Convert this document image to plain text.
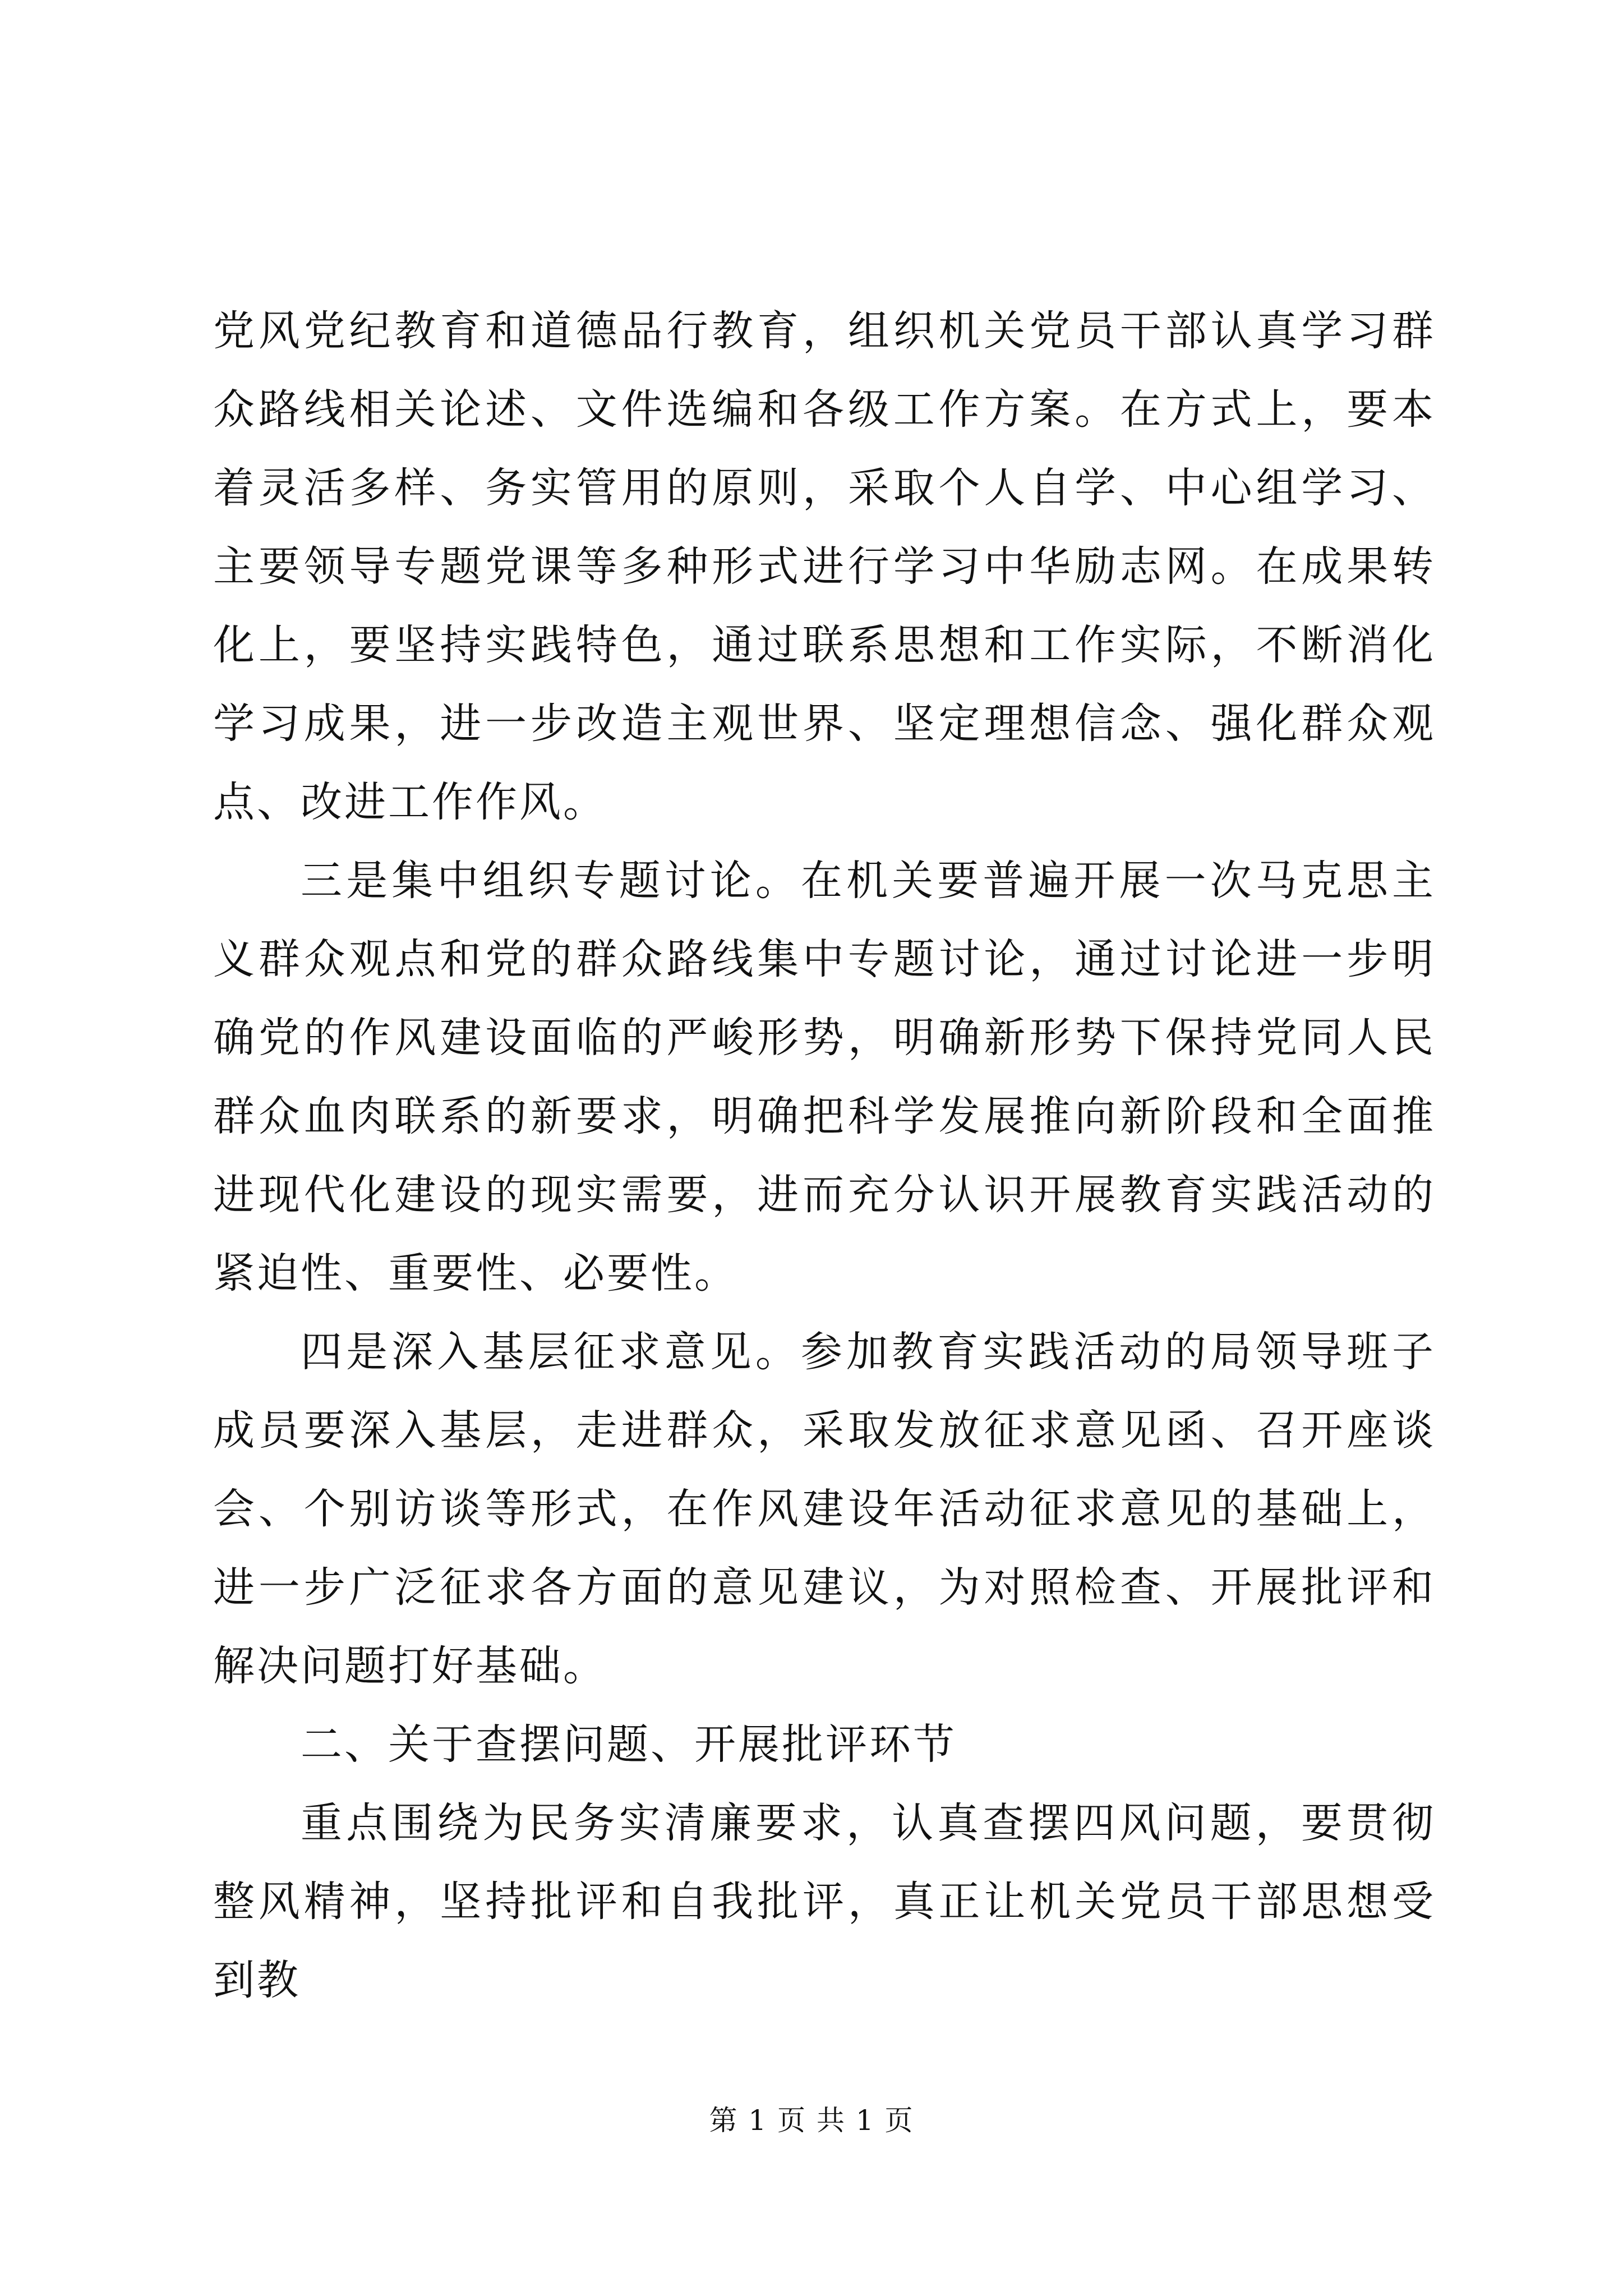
党风党纪教育和道德品行教育，组织机关党员干部认真学习群众路线相关论述、文件选编和各级工作方案。在方式上，要本着灵活多样、务实管用的原则，采取个人自学、中心组学习、主要领导专题党课等多种形式进行学习中华励志网。在成果转化上，要坚持实践特色，通过联系思想和工作实际，不断消化学习成果，进一步改造主观世界、坚定理想信念、强化群众观点、改进工作作风。

三是集中组织专题讨论。在机关要普遍开展一次马克思主义群众观点和党的群众路线集中专题讨论，通过讨论进一步明确党的作风建设面临的严峻形势，明确新形势下保持党同人民群众血肉联系的新要求，明确把科学发展推向新阶段和全面推进现代化建设的现实需要，进而充分认识开展教育实践活动的紧迫性、重要性、必要性。

四是深入基层征求意见。参加教育实践活动的局领导班子成员要深入基层，走进群众，采取发放征求意见函、召开座谈会、个别访谈等形式，在作风建设年活动征求意见的基础上，进一步广泛征求各方面的意见建议，为对照检查、开展批评和解决问题打好基础。

二、关于查摆问题、开展批评环节

重点围绕为民务实清廉要求，认真查摆四风问题，要贯彻整风精神，坚持批评和自我批评，真正让机关党员干部思想受到教

第 1 页 共 1 页
